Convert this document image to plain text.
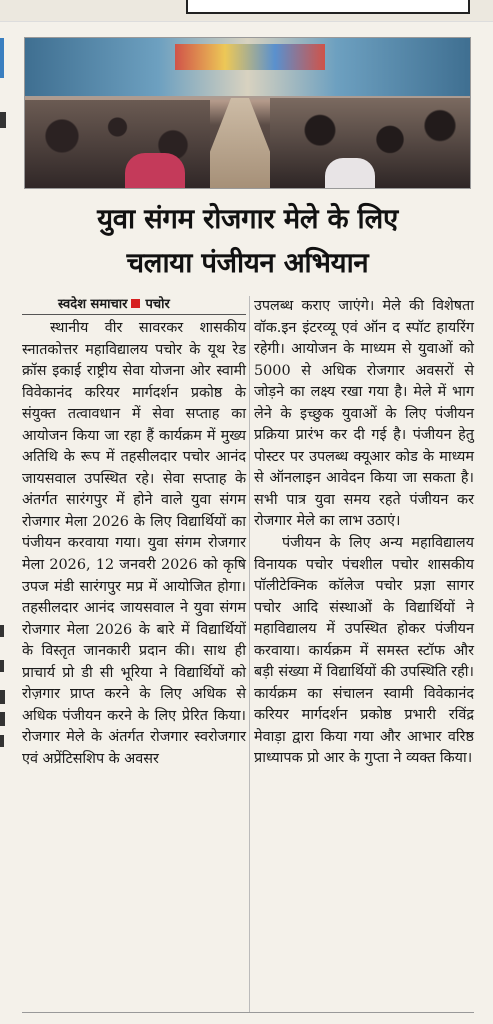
युवा संगम रोजगार मेले के लिए
चलाया पंजीयन अभियान
स्वदेश समाचार पचोर

स्थानीय वीर सावरकर शासकीय स्नातकोत्तर महाविद्यालय पचोर के यूथ रेड क्रॉस इकाई राष्ट्रीय सेवा योजना ओर स्वामी विवेकानंद करियर मार्गदर्शन प्रकोष्ठ के संयुक्त तत्वावधान में सेवा सप्ताह का आयोजन किया जा रहा हैं कार्यक्रम में मुख्य अतिथि के रूप में तहसीलदार पचोर आनंद जायसवाल उपस्थित रहे। सेवा सप्ताह के अंतर्गत सारंगपुर में होने वाले युवा संगम रोजगार मेला 2026 के लिए विद्यार्थियों का पंजीयन करवाया गया। युवा संगम रोजगार मेला 2026, 12 जनवरी 2026 को कृषि उपज मंडी सारंगपुर मप्र में आयोजित होगा। तहसीलदार आनंद जायसवाल ने युवा संगम रोजगार मेला 2026 के बारे में विद्यार्थियों के विस्तृत जानकारी प्रदान की। साथ ही प्राचार्य प्रो डी सी भूरिया ने विद्यार्थियों को रोज़गार प्राप्त करने के लिए अधिक से अधिक पंजीयन करने के लिए प्रेरित किया। रोजगार मेले के अंतर्गत रोजगार स्वरोजगार एवं अप्रेंटिसशिप के अवसर

उपलब्ध कराए जाएंगे। मेले की विशेषता वॉक.इन इंटरव्यू एवं ऑन द स्पॉट हायरिंग रहेगी। आयोजन के माध्यम से युवाओं को 5000 से अधिक रोजगार अवसरों से जोड़ने का लक्ष्य रखा गया है। मेले में भाग लेने के इच्छुक युवाओं के लिए पंजीयन प्रक्रिया प्रारंभ कर दी गई है। पंजीयन हेतु पोस्टर पर उपलब्ध क्यूआर कोड के माध्यम से ऑनलाइन आवेदन किया जा सकता है। सभी पात्र युवा समय रहते पंजीयन कर रोजगार मेले का लाभ उठाएं।

पंजीयन के लिए अन्य महाविद्यालय विनायक पचोर पंचशील पचोर शासकीय पॉलीटेक्निक कॉलेज पचोर प्रज्ञा सागर पचोर आदि संस्थाओं के विद्यार्थियों ने महाविद्यालय में उपस्थित होकर पंजीयन करवाया। कार्यक्रम में समस्त स्टॉफ और बड़ी संख्या में विद्यार्थियों की उपस्थिति रही। कार्यक्रम का संचालन स्वामी विवेकानंद करियर मार्गदर्शन प्रकोष्ठ प्रभारी रविंद्र मेवाड़ा द्वारा किया गया और आभार वरिष्ठ प्राध्यापक प्रो आर के गुप्ता ने व्यक्त किया।
